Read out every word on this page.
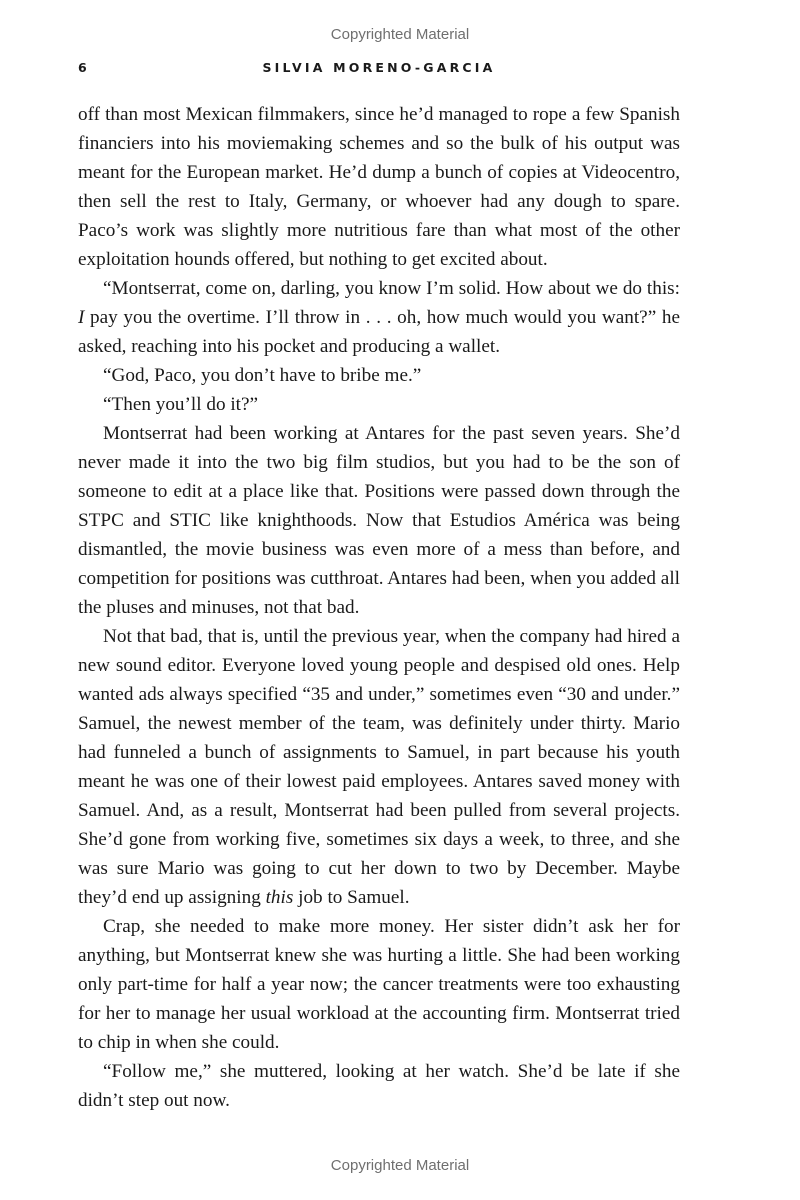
Copyrighted Material
6	SILVIA MORENO-GARCIA

off than most Mexican filmmakers, since he’d managed to rope a few Spanish financiers into his moviemaking schemes and so the bulk of his output was meant for the European market. He’d dump a bunch of copies at Videocentro, then sell the rest to Italy, Germany, or whoever had any dough to spare. Paco’s work was slightly more nutritious fare than what most of the other exploitation hounds offered, but nothing to get excited about.

“Montserrat, come on, darling, you know I’m solid. How about we do this: I pay you the overtime. I’ll throw in . . . oh, how much would you want?” he asked, reaching into his pocket and producing a wallet.

“God, Paco, you don’t have to bribe me.”

“Then you’ll do it?”

Montserrat had been working at Antares for the past seven years. She’d never made it into the two big film studios, but you had to be the son of someone to edit at a place like that. Positions were passed down through the STPC and STIC like knighthoods. Now that Estudios América was being dismantled, the movie business was even more of a mess than before, and competition for positions was cutthroat. Antares had been, when you added all the pluses and minuses, not that bad.

Not that bad, that is, until the previous year, when the company had hired a new sound editor. Everyone loved young people and despised old ones. Help wanted ads always specified “35 and under,” sometimes even “30 and under.” Samuel, the newest member of the team, was definitely under thirty. Mario had funneled a bunch of assignments to Samuel, in part because his youth meant he was one of their lowest paid employees. Antares saved money with Samuel. And, as a result, Montserrat had been pulled from several projects. She’d gone from working five, sometimes six days a week, to three, and she was sure Mario was going to cut her down to two by December. Maybe they’d end up assigning this job to Samuel.

Crap, she needed to make more money. Her sister didn’t ask her for anything, but Montserrat knew she was hurting a little. She had been working only part-time for half a year now; the cancer treatments were too exhausting for her to manage her usual workload at the accounting firm. Montserrat tried to chip in when she could.

“Follow me,” she muttered, looking at her watch. She’d be late if she didn’t step out now.

Copyrighted Material
